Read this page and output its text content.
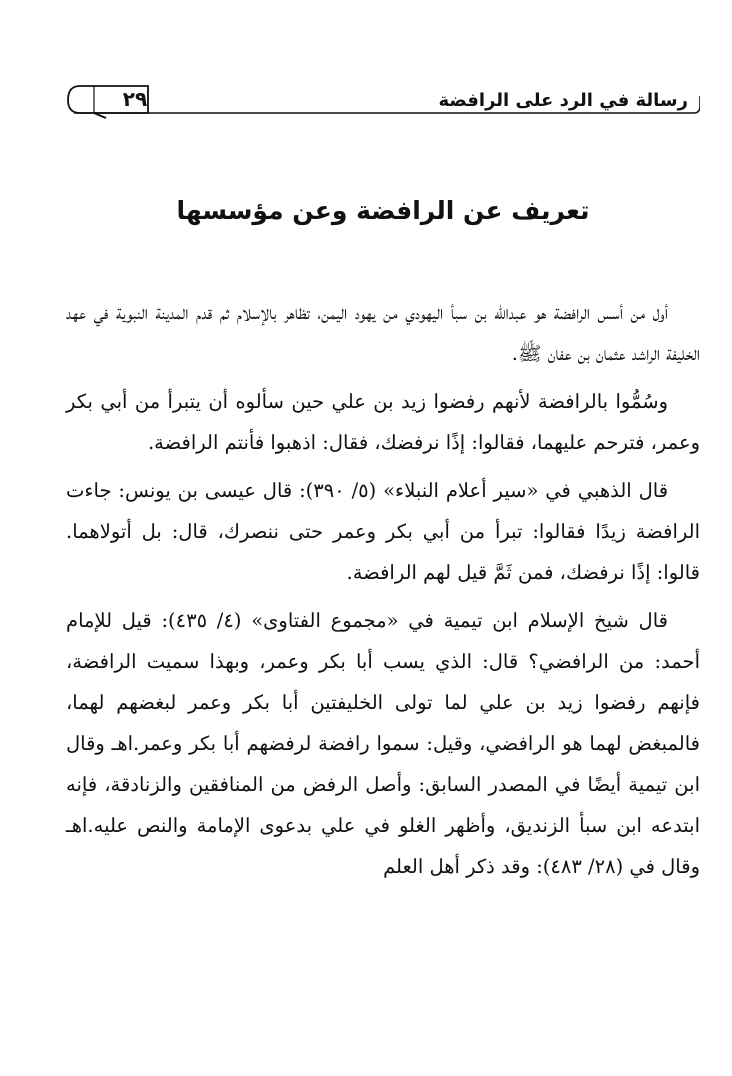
٢٩	رسالة في الرد على الرافضة
تعريف عن الرافضة وعن مؤسسها

أول من أسس الرافضة هو عبدالله بن سبأ اليهودي من يهود اليمن، تظاهر بالإسلام ثم قدم المدينة النبوية في عهد الخليفة الراشد عثمان بن عفان ﷺ.

وسُمُّوا بالرافضة لأنهم رفضوا زيد بن علي حين سألوه أن يتبرأ من أبي بكر وعمر، فترحم عليهما، فقالوا: إذًا نرفضك، فقال: اذهبوا فأنتم الرافضة.

قال الذهبي في «سير أعلام النبلاء» (٥/ ٣٩٠): قال عيسى بن يونس: جاءت الرافضة زيدًا فقالوا: تبرأ من أبي بكر وعمر حتى ننصرك، قال: بل أتولاهما. قالوا: إذًا نرفضك، فمن ثَمَّ قيل لهم الرافضة.

قال شيخ الإسلام ابن تيمية في «مجموع الفتاوى» (٤/ ٤٣٥): قيل للإمام أحمد: من الرافضي؟ قال: الذي يسب أبا بكر وعمر، وبهذا سميت الرافضة، فإنهم رفضوا زيد بن علي لما تولى الخليفتين أبا بكر وعمر لبغضهم لهما، فالمبغض لهما هو الرافضي، وقيل: سموا رافضة لرفضهم أبا بكر وعمر.اهـ وقال ابن تيمية أيضًا في المصدر السابق: وأصل الرفض من المنافقين والزنادقة، فإنه ابتدعه ابن سبأ الزنديق، وأظهر الغلو في علي بدعوى الإمامة والنص عليه.اهـ وقال في (٢٨/ ٤٨٣): وقد ذكر أهل العلم
